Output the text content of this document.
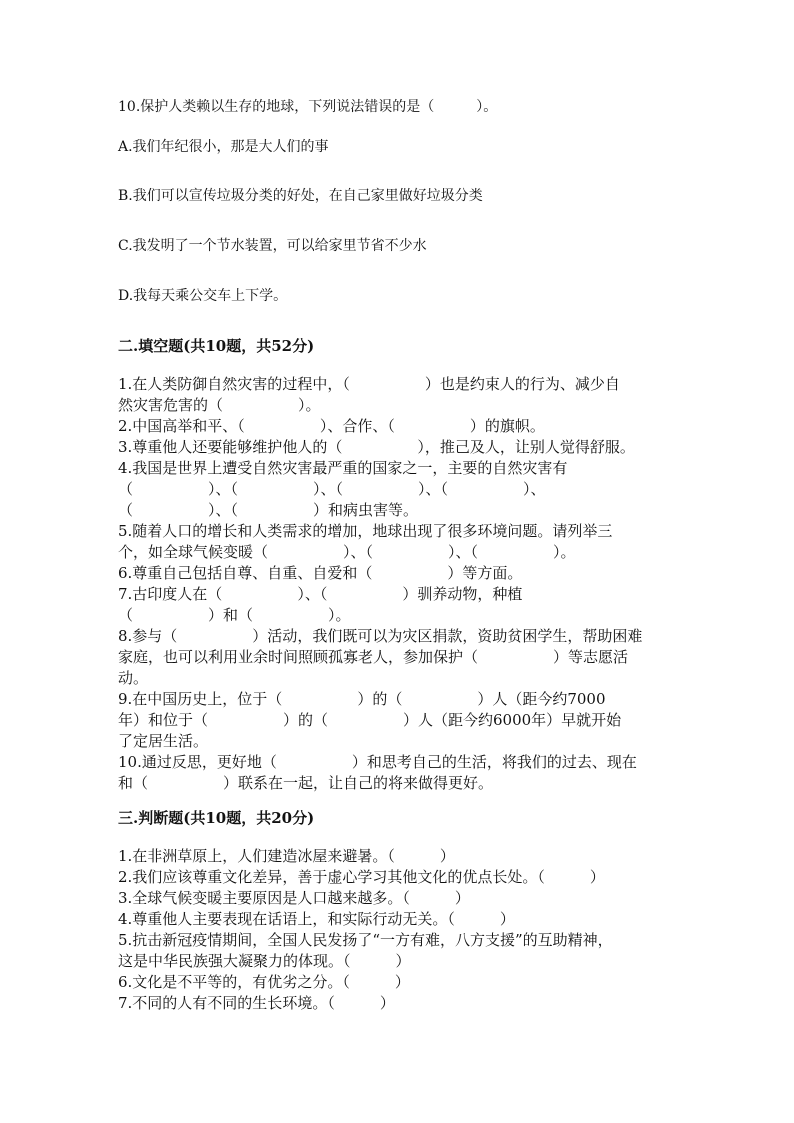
10.保护人类赖以生存的地球，下列说法错误的是（　　　）。
A.我们年纪很小，那是大人们的事
B.我们可以宣传垃圾分类的好处，在自己家里做好垃圾分类
C.我发明了一个节水装置，可以给家里节省不少水
D.我每天乘公交车上下学。
二.填空题(共10题，共52分)

1.在人类防御自然灾害的过程中，（　　　　　）也是约束人的行为、减少自

然灾害危害的（　　　　　）。

2.中国高举和平、（　　　　　）、合作、（　　　　　）的旗帜。

3.尊重他人还要能够维护他人的（　　　　　），推己及人，让别人觉得舒服。

4.我国是世界上遭受自然灾害最严重的国家之一，主要的自然灾害有

（　　　　　）、（　　　　　）、（　　　　　）、（　　　　　）、

（　　　　　）、（　　　　　）和病虫害等。

5.随着人口的增长和人类需求的增加，地球出现了很多环境问题。请列举三

个，如全球气候变暖（　　　　　）、（　　　　　）、（　　　　　）。

6.尊重自己包括自尊、自重、自爱和（　　　　　）等方面。

7.古印度人在（　　　　　）、（　　　　　）驯养动物，种植

（　　　　　）和（　　　　　）。

8.参与（　　　　　）活动，我们既可以为灾区捐款，资助贫困学生，帮助困难

家庭，也可以利用业余时间照顾孤寡老人，参加保护（　　　　　）等志愿活

动。

9.在中国历史上，位于（　　　　　）的（　　　　　）人（距今约7000

年）和位于（　　　　　）的（　　　　　）人（距今约6000年）早就开始

了定居生活。

10.通过反思，更好地（　　　　　）和思考自己的生活，将我们的过去、现在

和（　　　　　）联系在一起，让自己的将来做得更好。

三.判断题(共10题，共20分)

1.在非洲草原上，人们建造冰屋来避暑。（　　　）

2.我们应该尊重文化差异，善于虚心学习其他文化的优点长处。（　　　）

3.全球气候变暖主要原因是人口越来越多。（　　　）

4.尊重他人主要表现在话语上，和实际行动无关。（　　　）

5.抗击新冠疫情期间，全国人民发扬了“一方有难，八方支援”的互助精神，

这是中华民族强大凝聚力的体现。（　　　）

6.文化是不平等的，有优劣之分。（　　　）

7.不同的人有不同的生长环境。（　　　）
